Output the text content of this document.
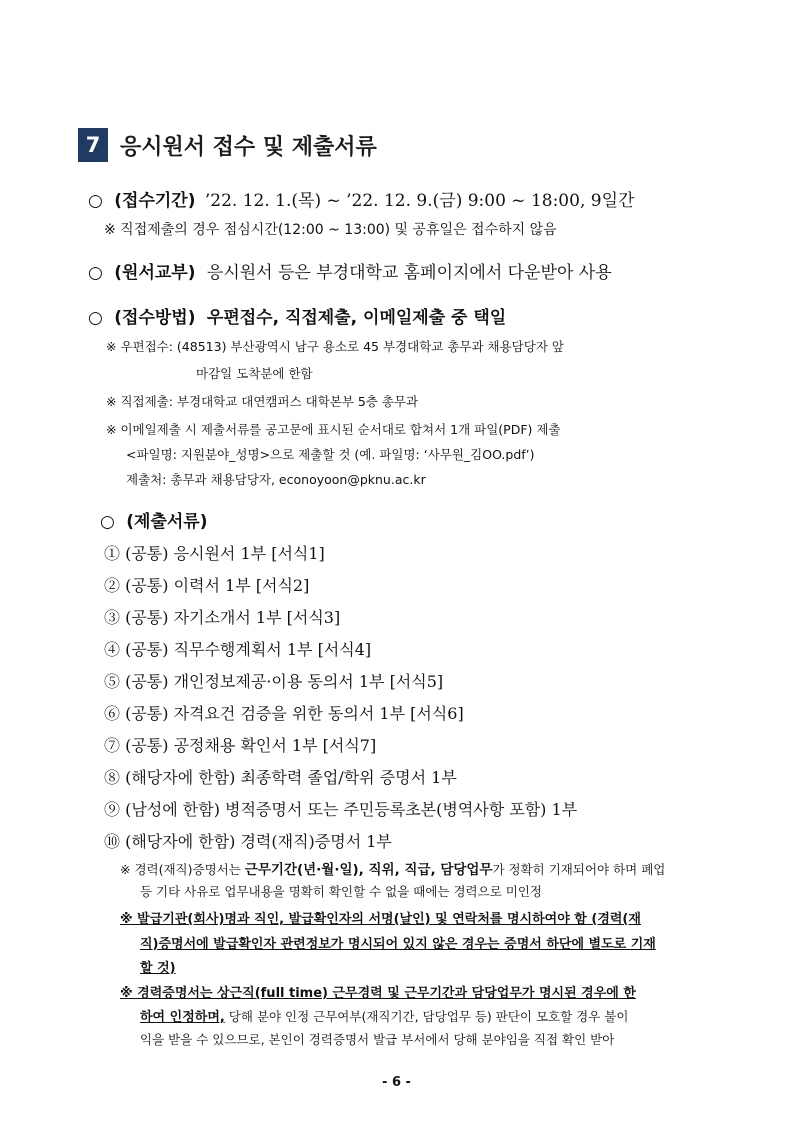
7 응시원서 접수 및 제출서류
○ (접수기간) ’22. 12. 1.(목) ~ ’22. 12. 9.(금) 9:00 ~ 18:00, 9일간
※ 직접제출의 경우 점심시간(12:00 ~ 13:00) 및 공휴일은 접수하지 않음
○ (원서교부) 응시원서 등은 부경대학교 홈페이지에서 다운받아 사용
○ (접수방법) 우편접수, 직접제출, 이메일제출 중 택일
※ 우편접수: (48513) 부산광역시 남구 용소로 45 부경대학교 총무과 채용담당자 앞
마감일 도착분에 한함
※ 직접제출: 부경대학교 대연캠퍼스 대학본부 5층 총무과
※ 이메일제출 시 제출서류를 공고문에 표시된 순서대로 합쳐서 1개 파일(PDF) 제출
<파일명: 지원분야_성명>으로 제출할 것 (예. 파일명: ‘사무원_김OO.pdf’)
제출처: 총무과 채용담당자, econoyoon@pknu.ac.kr
○ (제출서류)
① (공통) 응시원서 1부 [서식1]
② (공통) 이력서 1부 [서식2]
③ (공통) 자기소개서 1부 [서식3]
④ (공통) 직무수행계획서 1부 [서식4]
⑤ (공통) 개인정보제공·이용 동의서 1부 [서식5]
⑥ (공통) 자격요건 검증을 위한 동의서 1부 [서식6]
⑦ (공통) 공정채용 확인서 1부 [서식7]
⑧ (해당자에 한함) 최종학력 졸업/학위 증명서 1부
⑨ (남성에 한함) 병적증명서 또는 주민등록초본(병역사항 포함) 1부
⑩ (해당자에 한함) 경력(재직)증명서 1부
※ 경력(재직)증명서는 근무기간(년·월·일), 직위, 직급, 담당업무가 정확히 기재되어야 하며 폐업
등 기타 사유로 업무내용을 명확히 확인할 수 없을 때에는 경력으로 미인정
※ 발급기관(회사)명과 직인, 발급확인자의 서명(날인) 및 연락처를 명시하여야 함 (경력(재
직)증명서에 발급확인자 관련정보가 명시되어 있지 않은 경우는 증명서 하단에 별도로 기재
할 것)
※ 경력증명서는 상근직(full time) 근무경력 및 근무기간과 담당업무가 명시된 경우에 한
하여 인정하며, 당해 분야 인정 근무여부(재직기간, 담당업무 등) 판단이 모호할 경우 불이
익을 받을 수 있으므로, 본인이 경력증명서 발급 부서에서 당해 분야임을 직접 확인 받아
- 6 -
